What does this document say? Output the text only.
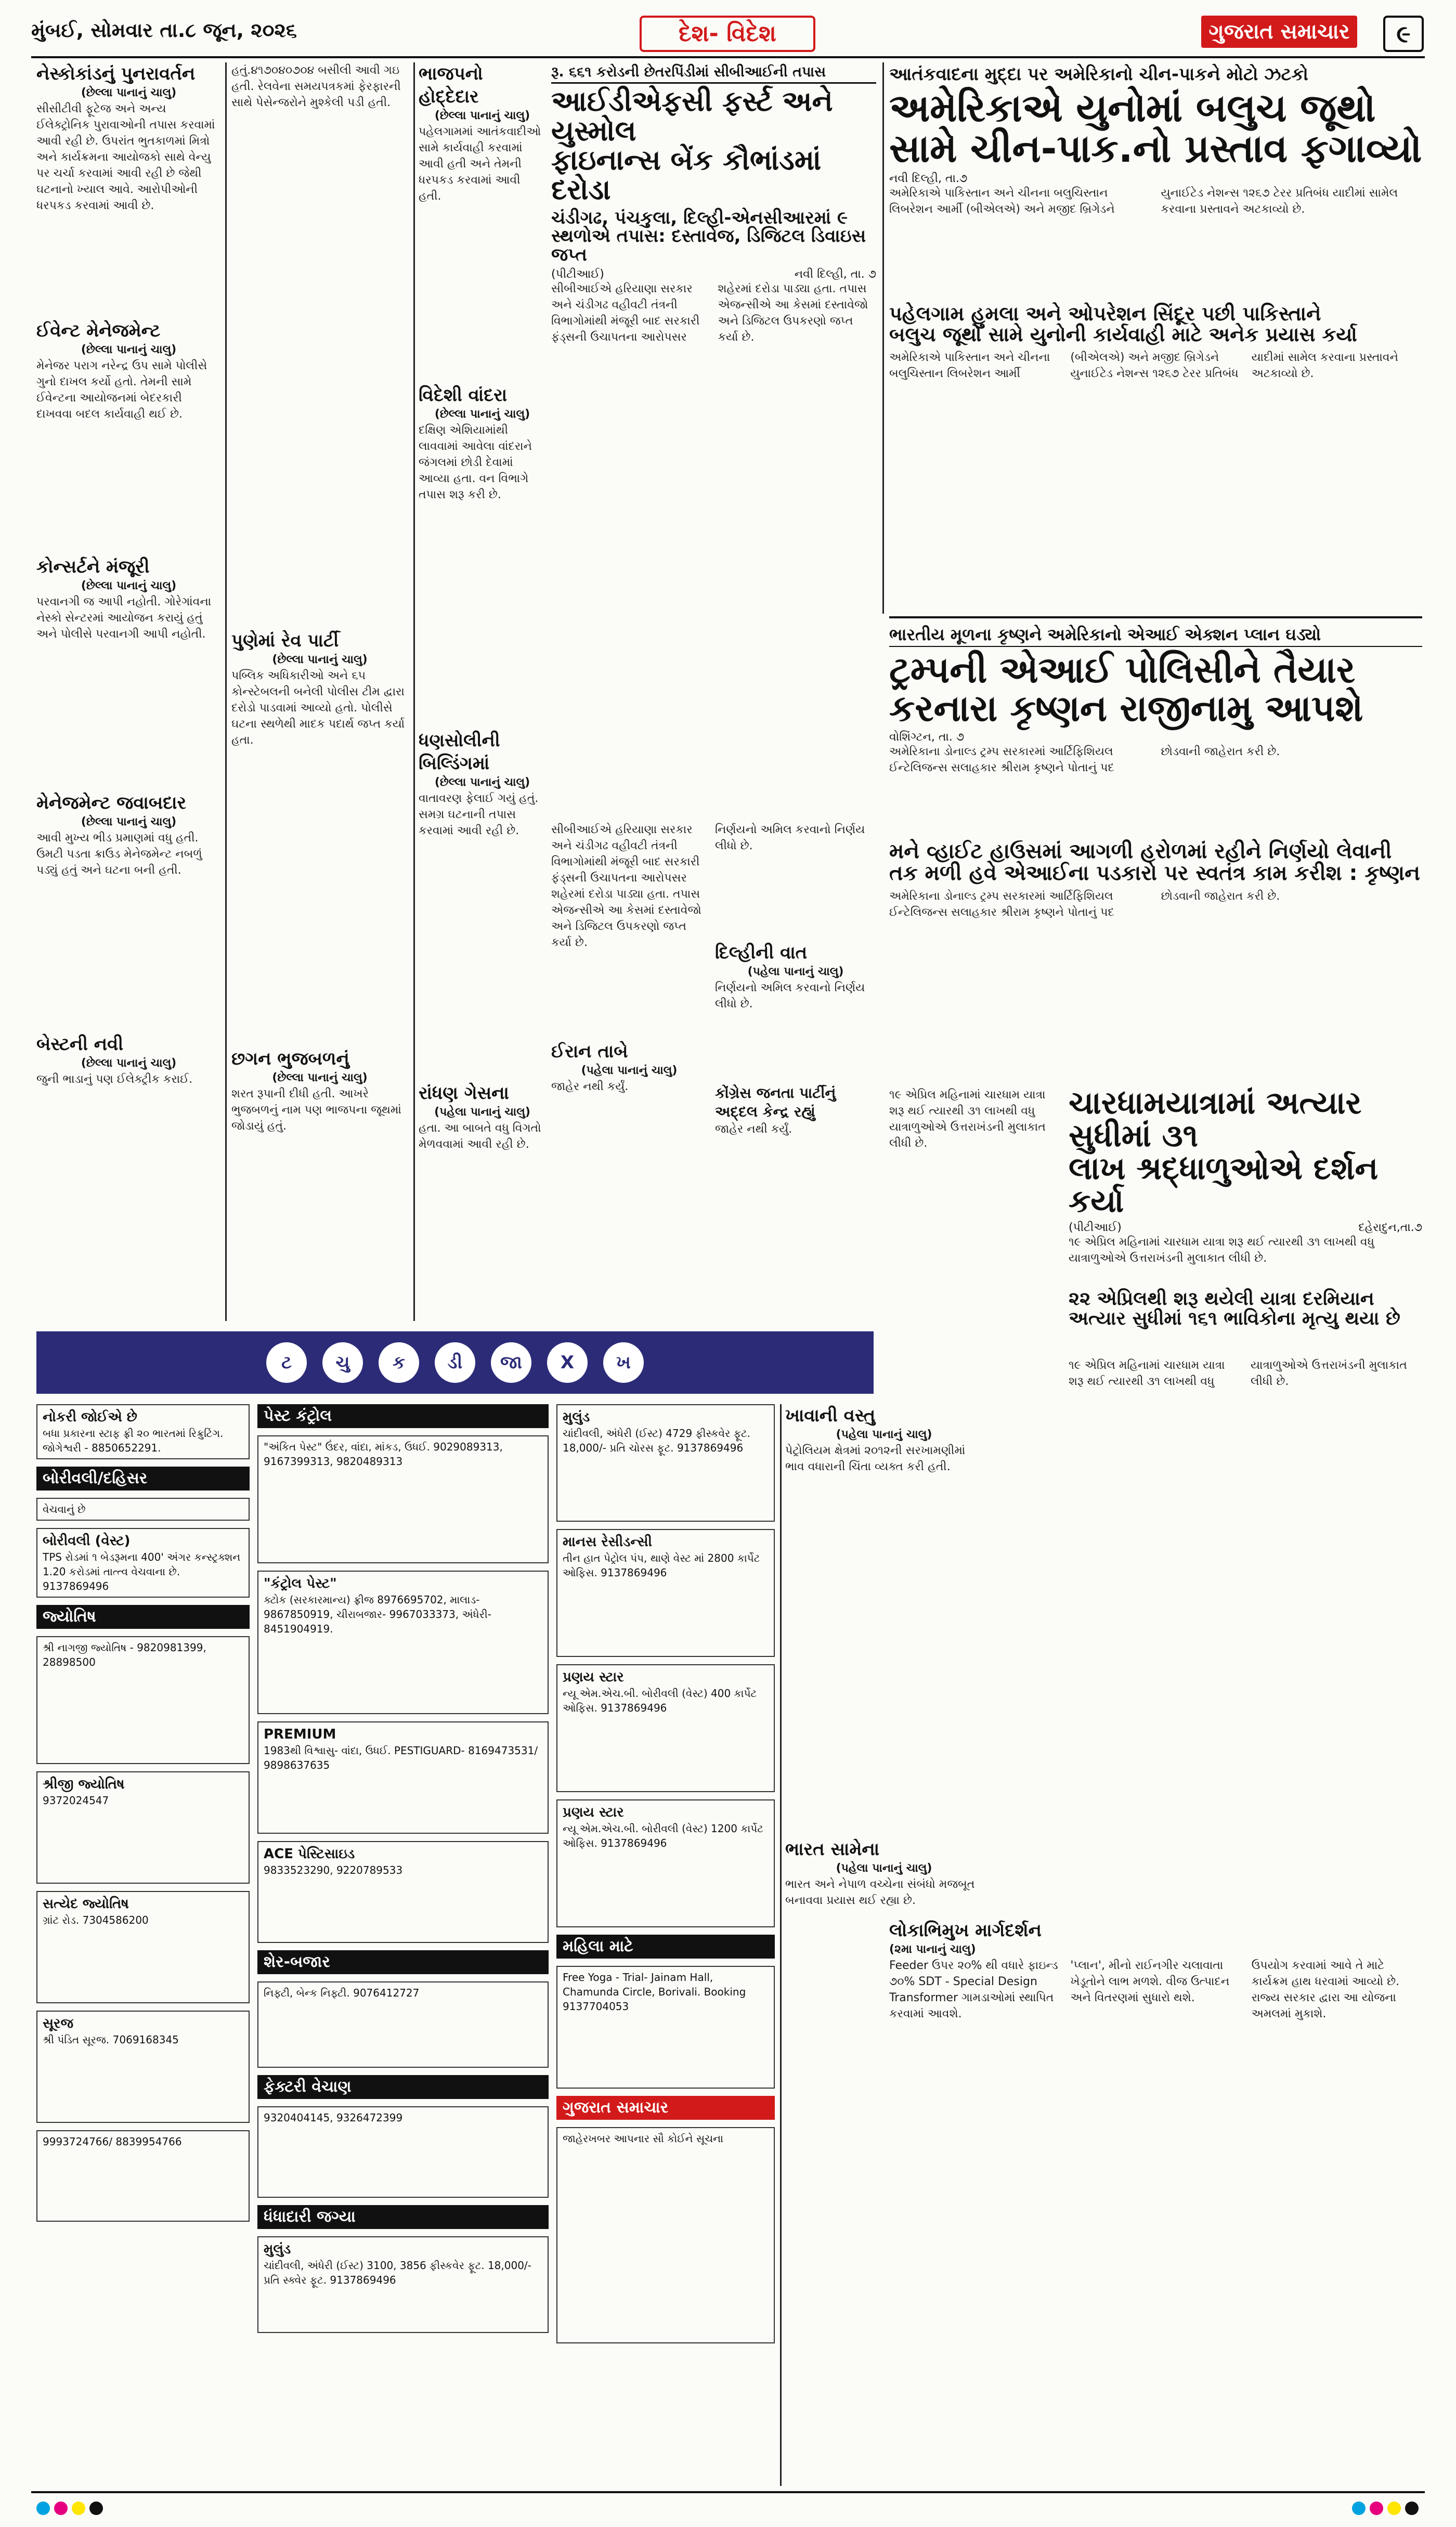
મુંબઈ, સોમવાર તા.૮ જૂન, ૨૦૨૬	દેશ- વિદેશ	ગુજરાત સમાચાર	૯
નેસ્કોકાંડનું પુનરાવર્તન
(છેલ્લા પાનાનું ચાલુ)
સીસીટીવી ફૂટેજ અને અન્ય ઈલેક્ટ્રોનિક પુરાવાઓની તપાસ કરવામાં આવી રહી છે. ઉપરાંત ભુતકાળમાં મિત્રો અને કાર્યક્રમના આયોજકો સાથે વેન્યુ પર ચર્ચા કરવામાં આવી રહી છે જેથી ઘટનાનો ખ્યાલ આવે. આરોપીઓની ધરપકડ કરવામાં આવી છે.
ઈવેન્ટ મેનેજમેન્ટ
(છેલ્લા પાનાનું ચાલુ)
મેનેજર પરાગ નરેન્દ્ર ઉપ સામે પોલીસે ગુનો દાખલ કર્યો હતો. તેમની સામે ઈવેન્ટના આયોજનમાં બેદરકારી દાખવવા બદલ કાર્યવાહી થઈ છે.
કોન્સર્ટને મંજૂરી
(છેલ્લા પાનાનું ચાલુ)
પરવાનગી જ આપી નહોતી. ગોરેગાંવના નેસ્કો સેન્ટરમાં આયોજન કરાયું હતું અને પોલીસે પરવાનગી આપી નહોતી.
મેનેજમેન્ટ જવાબદાર
(છેલ્લા પાનાનું ચાલુ)
આવી મુખ્ય ભીડ પ્રમાણમાં વધુ હતી. ઉમટી પડતા ક્રાઉડ મેનેજમેન્ટ નબળું પડ્યું હતું અને ઘટના બની હતી.
બેસ્ટની નવી
(છેલ્લા પાનાનું ચાલુ)
જુની ભાડાનું પણ ઈલેક્ટ્રીક કરાઈ.
હતું.૪૧૭૦૪૦૭૦૪ બસીલી આવી ગઇ હતી. રેલવેના સમયપત્રકમાં ફેરફારની સાથે પેસેન્જરોને મુશ્કેલી પડી હતી.
પુણેમાં રેવ પાર્ટી
(છેલ્લા પાનાનું ચાલુ)
પબ્લિક અધિકારીઓ અને ૬૫ કોન્સ્ટેબલની બનેલી પોલીસ ટીમ દ્વારા દરોડો પાડવામાં આવ્યો હતો. પોલીસે ઘટના સ્થળેથી માદક પદાર્થ જપ્ત કર્યા હતા.
છગન ભુજબળનું
(છેલ્લા પાનાનું ચાલુ)
શરત રૂપાની દીધી હતી. આખરે ભુજબળનું નામ પણ ભાજપના જૂથમાં જોડાયું હતું.
ભાજપનો હોદ્દેદાર
(છેલ્લા પાનાનું ચાલુ)
પહેલગામમાં આતંકવાદીઓ સામે કાર્યવાહી કરવામાં આવી હતી અને તેમની ધરપકડ કરવામાં આવી હતી.
વિદેશી વાંદરા
(છેલ્લા પાનાનું ચાલુ)
દક્ષિણ એશિયામાંથી લાવવામાં આવેલા વાંદરાને જંગલમાં છોડી દેવામાં આવ્યા હતા. વન વિભાગે તપાસ શરૂ કરી છે.
ધણસોલીની બિલ્ડિંગમાં
(છેલ્લા પાનાનું ચાલુ)
વાતાવરણ ફેલાઈ ગયું હતું. સમગ્ર ઘટનાની તપાસ કરવામાં આવી રહી છે.
રાંધણ ગેસના
(પહેલા પાનાનું ચાલુ)
હતા. આ બાબતે વધુ વિગતો મેળવવામાં આવી રહી છે.
રૂ. ૬૬૧ કરોડની છેતરપિંડીમાં સીબીઆઈની તપાસ
આઈડીએફસી ફર્સ્ટ અને યુસ્મોલ
ફાઇનાન્સ બેંક કૌભાંડમાં દરોડા
ચંડીગઢ, પંચકુલા, દિલ્હી-એનસીઆરમાં ૯
સ્થળોએ તપાસ: દસ્તાવેજ, ડિજિટલ ડિવાઇસ જપ્ત
(પીટીઆઈ)	નવી દિલ્હી, તા. ૭
સીબીઆઈએ હરિયાણા સરકાર અને ચંડીગઢ વહીવટી તંત્રની વિભાગોમાંથી મંજૂરી બાદ સરકારી ફંડ્સની ઉચાપતના આરોપસર શહેરમાં દરોડા પાડ્યા હતા. તપાસ એજન્સીએ આ કેસમાં દસ્તાવેજો અને ડિજિટલ ઉપકરણો જપ્ત કર્યા છે.
સીબીઆઈએ હરિયાણા સરકાર અને ચંડીગઢ વહીવટી તંત્રની વિભાગોમાંથી મંજૂરી બાદ સરકારી ફંડ્સની ઉચાપતના આરોપસર શહેરમાં દરોડા પાડ્યા હતા. તપાસ એજન્સીએ આ કેસમાં દસ્તાવેજો અને ડિજિટલ ઉપકરણો જપ્ત કર્યા છે.
ઈરાન તાબે
(પહેલા પાનાનું ચાલુ)
જાહેર નથી કર્યું.
નિર્ણયનો અમિલ કરવાનો નિર્ણય લીધો છે.
દિલ્હીની વાત
(પહેલા પાનાનું ચાલુ)
નિર્ણયનો અમિલ કરવાનો નિર્ણય લીધો છે.
કોંગ્રેસ જનતા પાર્ટીનું
અદ્દલ કેન્દ્ર રહ્યું
જાહેર નથી કર્યું.
આતંકવાદના મુદ્દા પર અમેરિકાનો ચીન-પાકને મોટો ઝટકો
અમેરિકાએ યુનોમાં બલુચ જૂથો
સામે ચીન-પાક.નો પ્રસ્તાવ ફગાવ્યો
નવી દિલ્હી, તા.૭
અમેરિકાએ પાકિસ્તાન અને ચીનના બલુચિસ્તાન લિબરેશન આર્મી (બીએલએ) અને મજીદ બ્રિગેડને યુનાઈટેડ નેશન્સ ૧૨૬૭ ટેરર પ્રતિબંધ યાદીમાં સામેલ કરવાના પ્રસ્તાવને અટકાવ્યો છે.
પહેલગામ હુમલા અને ઓપરેશન સિંદૂર પછી પાકિસ્તાને
બલુચ જૂથો સામે યુનોની કાર્યવાહી માટે અનેક પ્રયાસ કર્યા
અમેરિકાએ પાકિસ્તાન અને ચીનના બલુચિસ્તાન લિબરેશન આર્મી (બીએલએ) અને મજીદ બ્રિગેડને યુનાઈટેડ નેશન્સ ૧૨૬૭ ટેરર પ્રતિબંધ યાદીમાં સામેલ કરવાના પ્રસ્તાવને અટકાવ્યો છે.
ભારતીય મૂળના કૃષ્ણને અમેરિકાનો એઆઈ એક્શન પ્લાન ઘડ્યો
ટ્રમ્પની એઆઈ પોલિસીને તૈયાર
કરનારા કૃષ્ણન રાજીનામુ આપશે
વોશિંગ્ટન, તા. ૭
અમેરિકાના ડોનાલ્ડ ટ્રમ્પ સરકારમાં આર્ટિફિશિયલ ઈન્ટેલિજન્સ સલાહકાર શ્રીરામ કૃષ્ણને પોતાનું પદ છોડવાની જાહેરાત કરી છે.
મને વ્હાઈટ હાઉસમાં આગળી હરોળમાં રહીને નિર્ણયો લેવાની તક મળી હવે એઆઈના પડકારો પર સ્વતંત્ર કામ કરીશ : કૃષ્ણન
અમેરિકાના ડોનાલ્ડ ટ્રમ્પ સરકારમાં આર્ટિફિશિયલ ઈન્ટેલિજન્સ સલાહકાર શ્રીરામ કૃષ્ણને પોતાનું પદ છોડવાની જાહેરાત કરી છે.
૧૯ એપ્રિલ મહિનામાં ચારધામ યાત્રા શરૂ થઈ ત્યારથી ૩૧ લાખથી વધુ યાત્રાળુઓએ ઉત્તરાખંડની મુલાકાત લીધી છે.
ચારધામયાત્રામાં અત્યાર સુધીમાં ૩૧
લાખ શ્રદ્ધાળુઓએ દર્શન કર્યા
(પીટીઆઈ)	દહેરાદુન,તા.૭
૧૯ એપ્રિલ મહિનામાં ચારધામ યાત્રા શરૂ થઈ ત્યારથી ૩૧ લાખથી વધુ યાત્રાળુઓએ ઉત્તરાખંડની મુલાકાત લીધી છે.
૨૨ એપ્રિલથી શરૂ થયેલી યાત્રા દરમિયાન અત્યાર સુધીમાં ૧૬૧ ભાવિકોના મૃત્યુ થયા છે
૧૯ એપ્રિલ મહિનામાં ચારધામ યાત્રા શરૂ થઈ ત્યારથી ૩૧ લાખથી વધુ યાત્રાળુઓએ ઉત્તરાખંડની મુલાકાત લીધી છે.
ટ	ચુ	ક	ડી	જા	X	ખ
નોકરી જોઈએ છે
બધા પ્રકારના સ્ટાફ ફ્રી ૨૦ ભારતમાં રિક્રુટિંગ. જોગેશ્વરી - 8850652291.
બોરીવલી/દહિસર
વેચવાનું છે
બોરીવલી (વેસ્ટ)
TPS રોડમાં ૧ બેડરૂમના 400' અંગર કન્સ્ટ્રક્શન 1.20 કરોડમાં તાત્ત્વ વેચવાના છે. 9137869496
જ્યોતિષ
શ્રી નાગજી જ્યોતિષ - 9820981399, 28898500
શ્રીજી જ્યોતિષ
9372024547
સત્યેદ જ્યોતિષ
ગ્રાંટ રોડ. 7304586200
સૂરજ
શ્રી પંડિત સૂરજ. 7069168345
9993724766/ 8839954766
પેસ્ટ કંટ્રોલ
"અંકિત પેસ્ટ" ઉંદર, વાંદા, માંકડ, ઉધઈ. 9029089313, 9167399313, 9820489313
"કંટ્રોલ પેસ્ટ"
ક્ટોક (સરકારમાન્ય) ફ્રીજ 8976695702, માલાડ- 9867850919, ચીરાબજાર- 9967033373, અંધેરી- 8451904919.
PREMIUM
1983થી વિશ્વાસુ- વાંદા, ઉધઈ. PESTIGUARD- 8169473531/ 9898637635
ACE પેસ્ટિસાઇડ
9833523290, 9220789533
શેર-બજાર
નિફ્ટી, બેન્ક નિફ્ટી. 9076412727
ફેક્ટરી વેચાણ
9320404145, 9326472399
ધંધાદારી જગ્યા
મુલુંડ
ચાંદીવલી, અંધેરી (ઈસ્ટ) 3100, 3856 ફીસ્કવેર ફૂટ. 18,000/- પ્રતિ સ્ક્વેર ફૂટ. 9137869496
મુલુંડ
ચાંદીવલી, અંધેરી (ઈસ્ટ) 4729 ફીસ્કવેર ફૂટ. 18,000/- પ્રતિ ચોરસ ફૂટ. 9137869496
માનસ રેસીડન્સી
તીન હાત પેટ્રોલ પંપ, થાણે વેસ્ટ માં 2800 કાર્પેટ ઓફિસ. 9137869496
પ્રણય સ્ટાર
ન્યૂ એમ.એચ.બી. બોરીવલી (વેસ્ટ) 400 કાર્પેટ ઓફિસ. 9137869496
પ્રણય સ્ટાર
ન્યૂ એમ.એચ.બી. બોરીવલી (વેસ્ટ) 1200 કાર્પેટ ઓફિસ. 9137869496
મહિલા માટે
Free Yoga - Trial- Jainam Hall, Chamunda Circle, Borivali. Booking 9137704053
ગુજરાત સમાચાર
જાહેરખબર આપનાર સૌ કોઈને સૂચના
ખાવાની વસ્તુ
(પહેલા પાનાનું ચાલુ)
પેટ્રોલિયમ ક્ષેત્રમાં ૨૦૧૨ની સરખામણીમાં ભાવ વધારાની ચિંતા વ્યક્ત કરી હતી.
ભારત સામેના
(પહેલા પાનાનું ચાલુ)
ભારત અને નેપાળ વચ્ચેના સંબંધો મજબૂત બનાવવા પ્રયાસ થઈ રહ્યા છે.
લોકાભિમુખ માર્ગદર્શન
(૨મા પાનાનું ચાલુ)
Feeder ઉપર ૨૦% થી વધારે ફાઇન્ડ ૭૦% SDT - Special Design Transformer ગામડાઓમાં સ્થાપિત કરવામાં આવશે.
'પ્લાન', મીનો રાઈનગીર ચલાવાતા ખેડૂતોને લાભ મળશે. વીજ ઉત્પાદન અને વિતરણમાં સુધારો થશે.
ઉપયોગ કરવામાં આવે તે માટે કાર્યક્રમ હાથ ધરવામાં આવ્યો છે. રાજ્ય સરકાર દ્વારા આ યોજના અમલમાં મુકાશે.
